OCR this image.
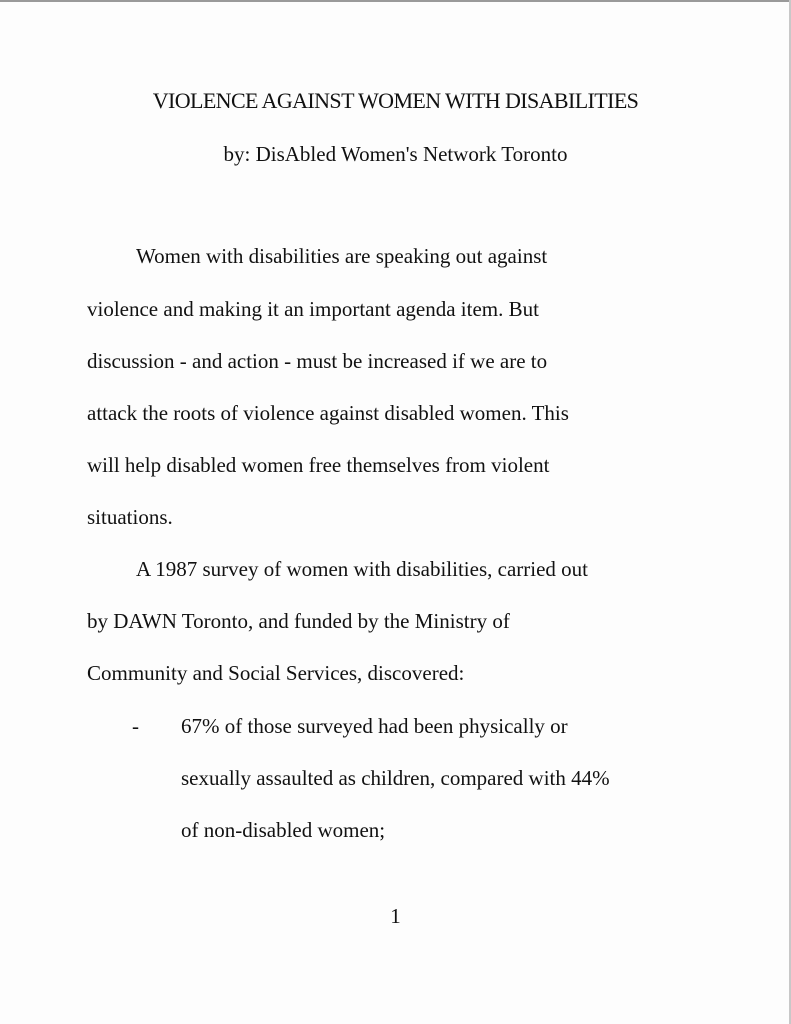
VIOLENCE AGAINST WOMEN WITH DISABILITIES
by: DisAbled Women's Network Toronto
Women with disabilities are speaking out against
violence and making it an important agenda item. But
discussion - and action - must be increased if we are to
attack the roots of violence against disabled women. This
will help disabled women free themselves from violent
situations.
A 1987 survey of women with disabilities, carried out
by DAWN Toronto, and funded by the Ministry of
Community and Social Services, discovered:
- 67% of those surveyed had been physically or
sexually assaulted as children, compared with 44%
of non-disabled women;
1
